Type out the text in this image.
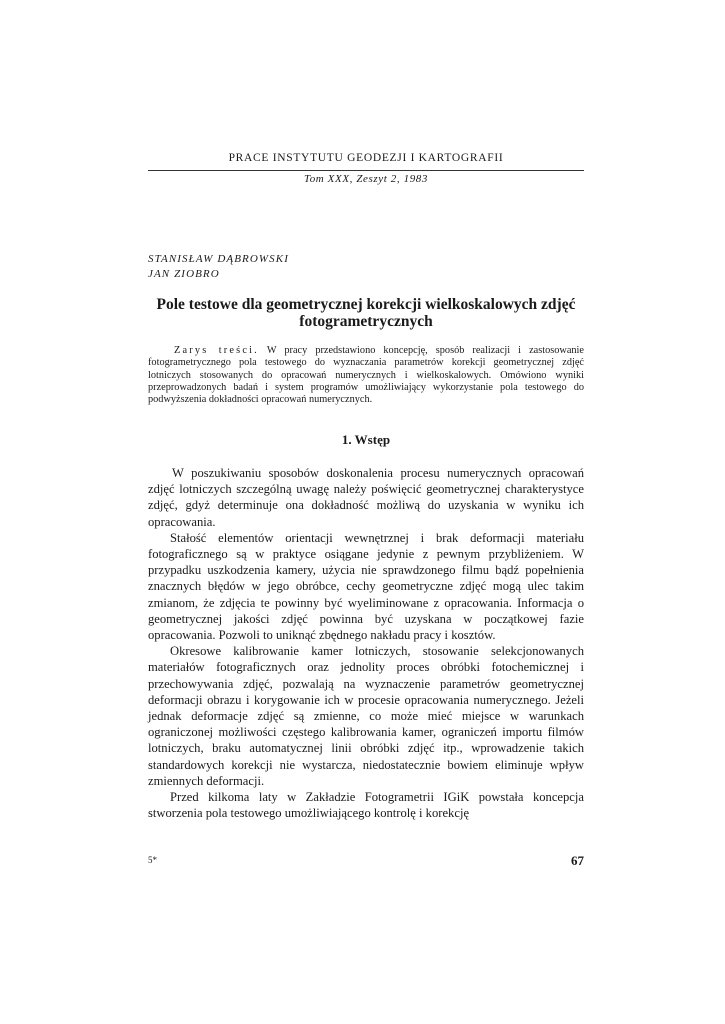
PRACE INSTYTUTU GEODEZJI I KARTOGRAFII
Tom XXX, Zeszyt 2, 1983
STANISŁAW DĄBROWSKI
JAN ZIOBRO
Pole testowe dla geometrycznej korekcji wielkoskalowych zdjęć fotogrametrycznych
Zarys treści. W pracy przedstawiono koncepcję, sposób realizacji i zastosowanie fotogrametrycznego pola testowego do wyznaczania parametrów korekcji geometrycznej zdjęć lotniczych stosowanych do opracowań numerycznych i wielkoskalowych. Omówiono wyniki przeprowadzonych badań i system programów umożliwiający wykorzystanie pola testowego do podwyższenia dokładności opracowań numerycznych.
1. Wstęp

W poszukiwaniu sposobów doskonalenia procesu numerycznych opracowań zdjęć lotniczych szczególną uwagę należy poświęcić geometrycznej charakterystyce zdjęć, gdyż determinuje ona dokładność możliwą do uzyskania w wyniku ich opracowania.

Stałość elementów orientacji wewnętrznej i brak deformacji materiału fotograficznego są w praktyce osiągane jedynie z pewnym przybliżeniem. W przypadku uszkodzenia kamery, użycia nie sprawdzonego filmu bądź popełnienia znacznych błędów w jego obróbce, cechy geometryczne zdjęć mogą ulec takim zmianom, że zdjęcia te powinny być wyeliminowane z opracowania. Informacja o geometrycznej jakości zdjęć powinna być uzyskana w początkowej fazie opracowania. Pozwoli to uniknąć zbędnego nakładu pracy i kosztów.

Okresowe kalibrowanie kamer lotniczych, stosowanie selekcjonowanych materiałów fotograficznych oraz jednolity proces obróbki fotochemicznej i przechowywania zdjęć, pozwalają na wyznaczenie parametrów geometrycznej deformacji obrazu i korygowanie ich w procesie opracowania numerycznego. Jeżeli jednak deformacje zdjęć są zmienne, co może mieć miejsce w warunkach ograniczonej możliwości częstego kalibrowania kamer, ograniczeń importu filmów lotniczych, braku automatycznej linii obróbki zdjęć itp., wprowadzenie takich standardowych korekcji nie wystarcza, niedostatecznie bowiem eliminuje wpływ zmiennych deformacji.

Przed kilkoma laty w Zakładzie Fotogrametrii IGiK powstała koncepcja stworzenia pola testowego umożliwiającego kontrolę i korekcję

5*	67
